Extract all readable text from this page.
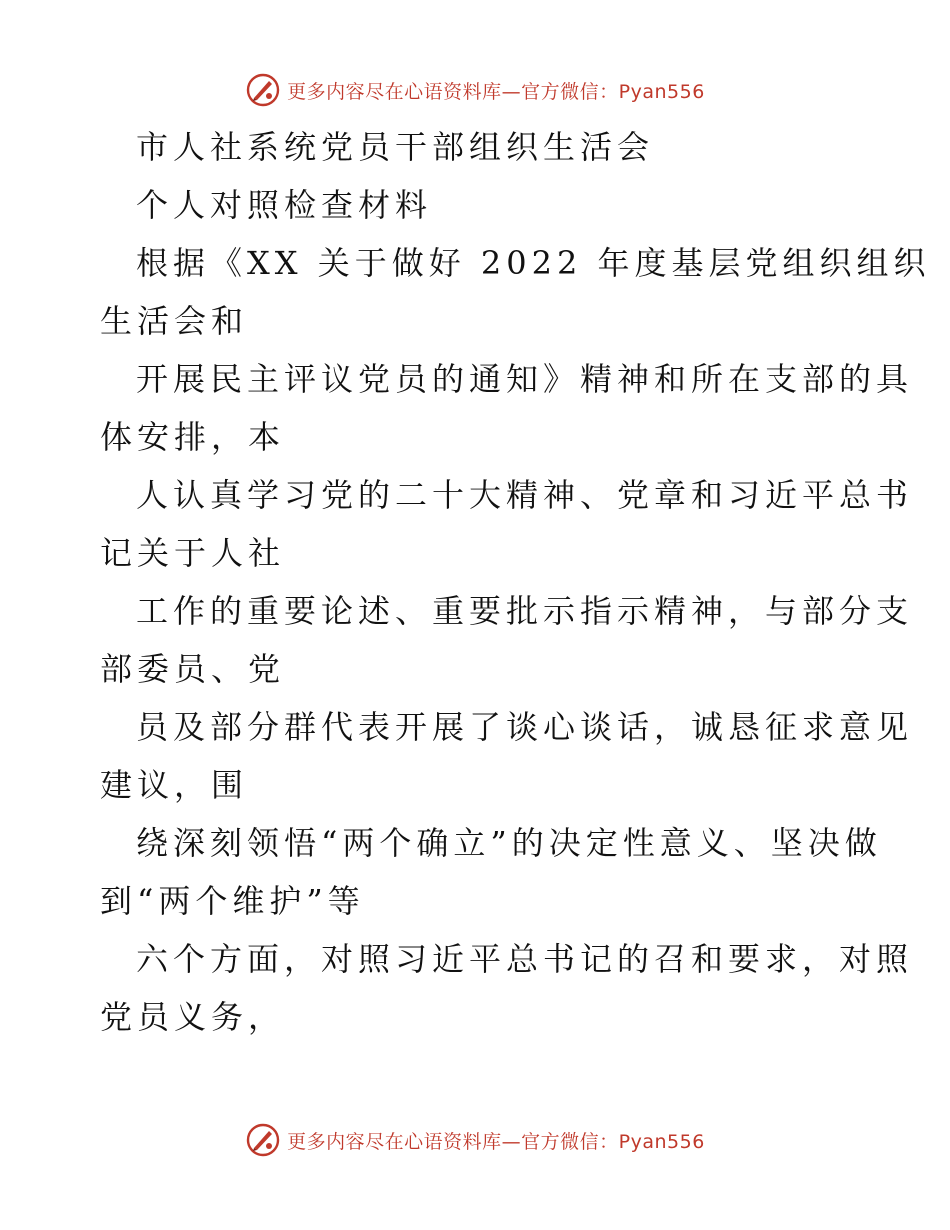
更多内容尽在心语资料库—官方微信：Pyan556
市人社系统党员干部组织生活会
个人对照检查材料
根据《XX 关于做好 2022 年度基层党组织组织
生活会和
开展民主评议党员的通知》精神和所在支部的具
体安排，本
人认真学习党的二十大精神、党章和习近平总书
记关于人社
工作的重要论述、重要批示指示精神，与部分支
部委员、党
员及部分群代表开展了谈心谈话，诚恳征求意见
建议，围
绕深刻领悟“两个确立”的决定性意义、坚决做
到“两个维护”等
六个方面，对照习近平总书记的召和要求，对照
党员义务，
更多内容尽在心语资料库—官方微信：Pyan556
